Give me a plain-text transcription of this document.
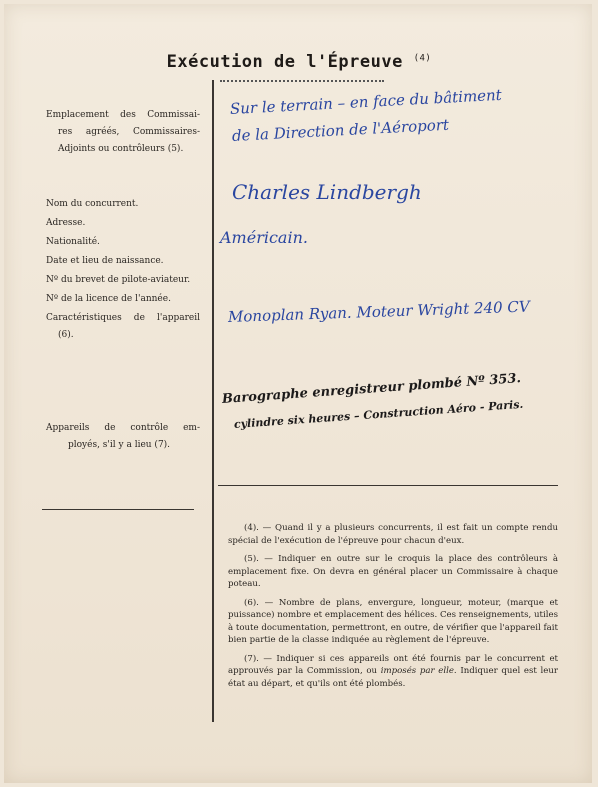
Exécution de l'Épreuve $^{(4)}$
Emplacement des Commissai-
res agréés, Commissaires-
Adjoints ou contrôleurs (5).
Nom du concurrent.
Adresse.
Nationalité.
Date et lieu de naissance.
Nº du brevet de pilote-aviateur.
Nº de la licence de l'année.
Caractéristiques de l'appareil
(6).
Appareils de contrôle em-
ployés, s'il y a lieu (7).
Sur le terrain – en face du bâtiment
de la Direction de l'Aéroport
Charles Lindbergh
Américain.
Monoplan Ryan. Moteur Wright 240 CV
Barographe enregistreur plombé Nº 353.
cylindre six heures – Construction Aéro - Paris.

(4). — Quand il y a plusieurs concurrents, il est fait un compte rendu spécial de l'exécution de l'épreuve pour chacun d'eux.

(5). — Indiquer en outre sur le croquis la place des contrôleurs à emplacement fixe. On devra en général placer un Commissaire à chaque poteau.

(6). — Nombre de plans, envergure, longueur, moteur, (marque et puissance) nombre et emplacement des hélices. Ces renseignements, utiles à toute documentation, permettront, en outre, de vérifier que l'appareil fait bien partie de la classe indiquée au règlement de l'épreuve.

(7). — Indiquer si ces appareils ont été fournis par le concurrent et approuvés par la Commission, ou imposés par elle. Indiquer quel est leur état au départ, et qu'ils ont été plombés.
